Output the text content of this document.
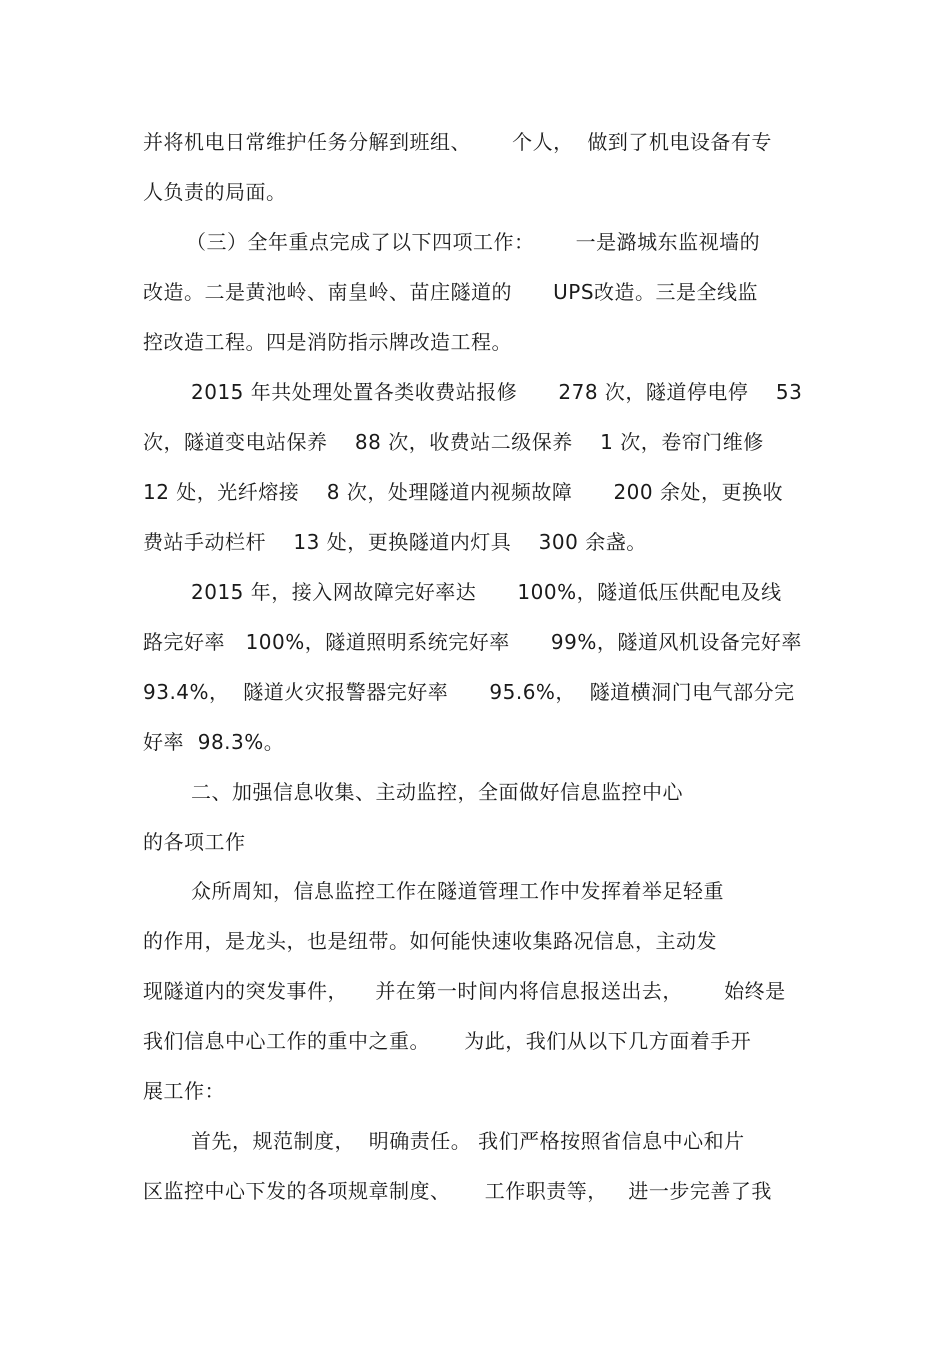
并将机电日常维护任务分解到班组、      个人，  做到了机电设备有专
人负责的局面。
（三）全年重点完成了以下四项工作：      一是潞城东监视墙的
改造。二是黄池岭、南皇岭、苗庄隧道的      UPS改造。三是全线监
控改造工程。四是消防指示牌改造工程。
2015 年共处理处置各类收费站报修      278 次，隧道停电停    53
次，隧道变电站保养    88 次，收费站二级保养    1 次，卷帘门维修
12 处，光纤熔接    8 次，处理隧道内视频故障      200 余处，更换收
费站手动栏杆    13 处，更换隧道内灯具    300 余盏。
2015 年，接入网故障完好率达      100%，隧道低压供配电及线
路完好率   100%，隧道照明系统完好率      99%，隧道风机设备完好率
93.4%，  隧道火灾报警器完好率      95.6%，  隧道横洞门电气部分完
好率  98.3%。
二、加强信息收集、主动监控，全面做好信息监控中心
的各项工作
众所周知，信息监控工作在隧道管理工作中发挥着举足轻重
的作用，是龙头，也是纽带。如何能快速收集路况信息，主动发
现隧道内的突发事件，    并在第一时间内将信息报送出去，      始终是
我们信息中心工作的重中之重。     为此，我们从以下几方面着手开
展工作：
首先，规范制度，  明确责任。 我们严格按照省信息中心和片
区监控中心下发的各项规章制度、     工作职责等，   进一步完善了我
